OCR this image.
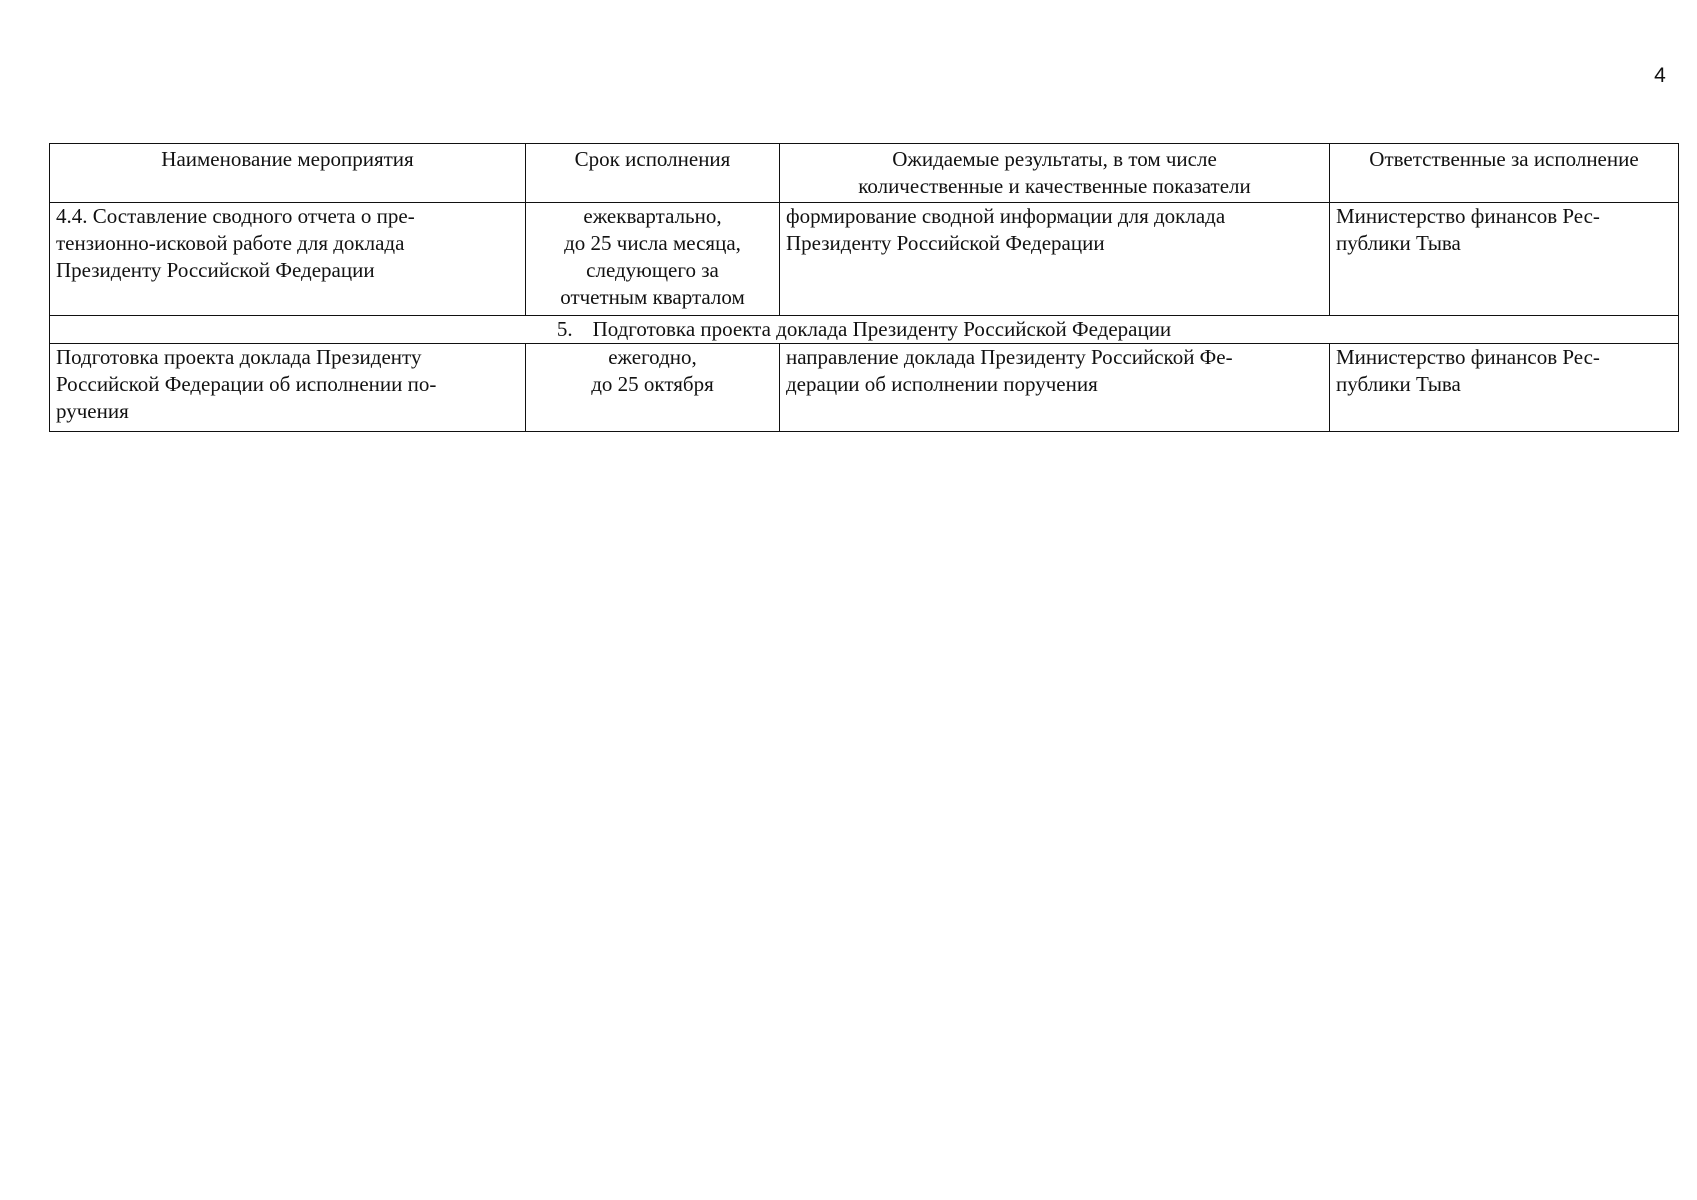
4
Наименование мероприятия	Срок исполнения	Ожидаемые результаты, в том числе
количественные и качественные показатели	Ответственные за исполнение

4.4. Составление сводного отчета о пре-
тензионно-исковой работе для доклада
Президенту Российской Федерации	ежеквартально,
до 25 числа месяца,
следующего за
отчетным кварталом	формирование сводной информации для доклада
Президенту Российской Федерации	Министерство финансов Рес-
публики Тыва

5. Подготовка проекта доклада Президенту Российской Федерации			

Подготовка проекта доклада Президенту
Российской Федерации об исполнении по-
ручения	ежегодно,
до 25 октября	направление доклада Президенту Российской Фе-
дерации об исполнении поручения	Министерство финансов Рес-
публики Тыва
